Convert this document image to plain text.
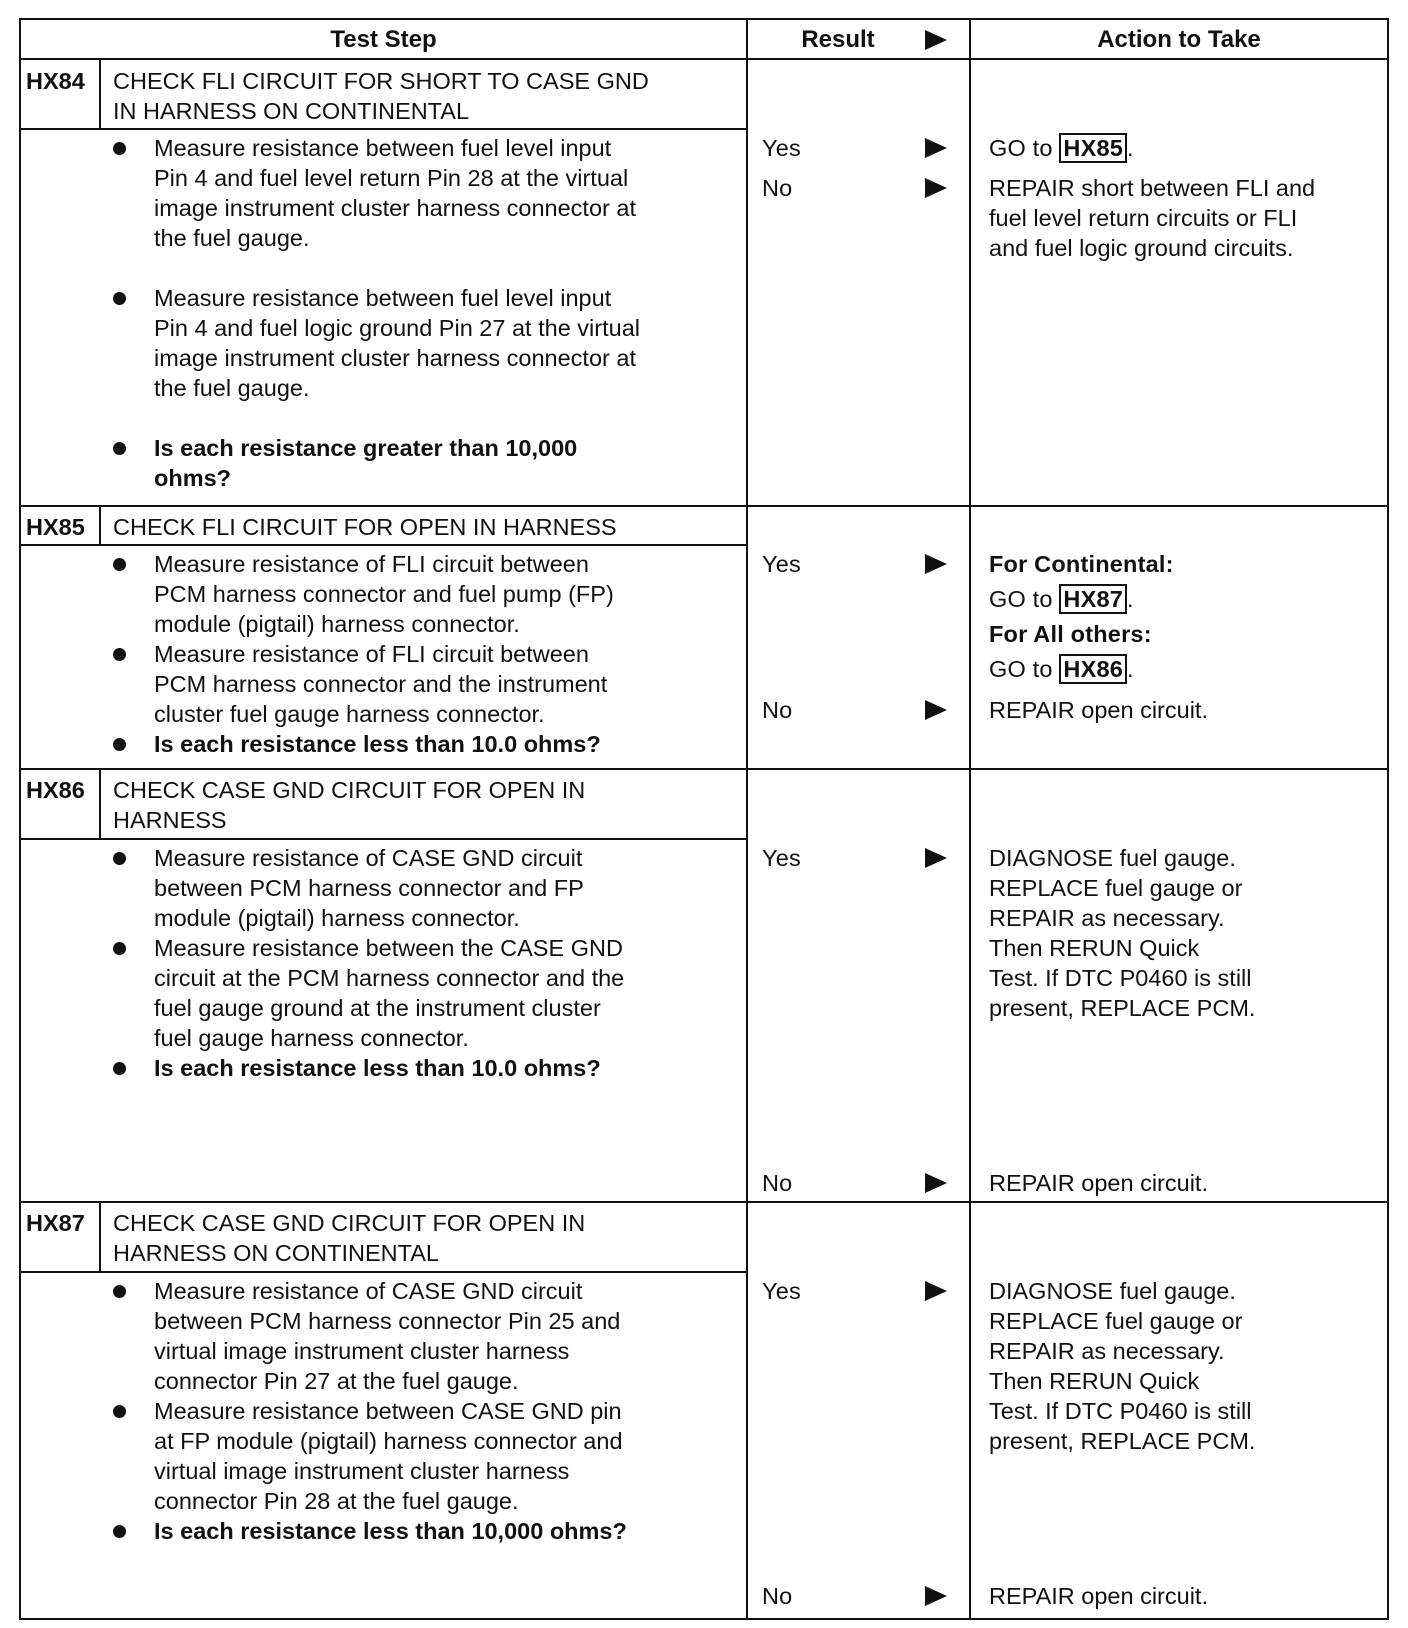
Test Step	Result	Action to Take
HX84 CHECK FLI CIRCUIT FOR SHORT TO CASE GND
IN HARNESS ON CONTINENTAL
Measure resistance between fuel level input
Pin 4 and fuel level return Pin 28 at the virtual
image instrument cluster harness connector at
the fuel gauge.
Measure resistance between fuel level input
Pin 4 and fuel logic ground Pin 27 at the virtual
image instrument cluster harness connector at
the fuel gauge.
Is each resistance greater than 10,000
ohms?
Yes	GO to HX85 .
No	REPAIR short between FLI and
fuel level return circuits or FLI
and fuel logic ground circuits.
HX85 CHECK FLI CIRCUIT FOR OPEN IN HARNESS
Measure resistance of FLI circuit between
PCM harness connector and fuel pump (FP)
module (pigtail) harness connector.
Measure resistance of FLI circuit between
PCM harness connector and the instrument
cluster fuel gauge harness connector.
Is each resistance less than 10.0 ohms?
Yes	For Continental:
GO to HX87 .
For All others:
GO to HX86 .
No	REPAIR open circuit.
HX86 CHECK CASE GND CIRCUIT FOR OPEN IN
HARNESS
Measure resistance of CASE GND circuit
between PCM harness connector and FP
module (pigtail) harness connector.
Measure resistance between the CASE GND
circuit at the PCM harness connector and the
fuel gauge ground at the instrument cluster
fuel gauge harness connector.
Is each resistance less than 10.0 ohms?
Yes	DIAGNOSE fuel gauge.
REPLACE fuel gauge or
REPAIR as necessary.
Then RERUN Quick
Test. If DTC P0460 is still
present, REPLACE PCM.
No	REPAIR open circuit.
HX87 CHECK CASE GND CIRCUIT FOR OPEN IN
HARNESS ON CONTINENTAL
Measure resistance of CASE GND circuit
between PCM harness connector Pin 25 and
virtual image instrument cluster harness
connector Pin 27 at the fuel gauge.
Measure resistance between CASE GND pin
at FP module (pigtail) harness connector and
virtual image instrument cluster harness
connector Pin 28 at the fuel gauge.
Is each resistance less than 10,000 ohms?
Yes	DIAGNOSE fuel gauge.
REPLACE fuel gauge or
REPAIR as necessary.
Then RERUN Quick
Test. If DTC P0460 is still
present, REPLACE PCM.
No	REPAIR open circuit.
